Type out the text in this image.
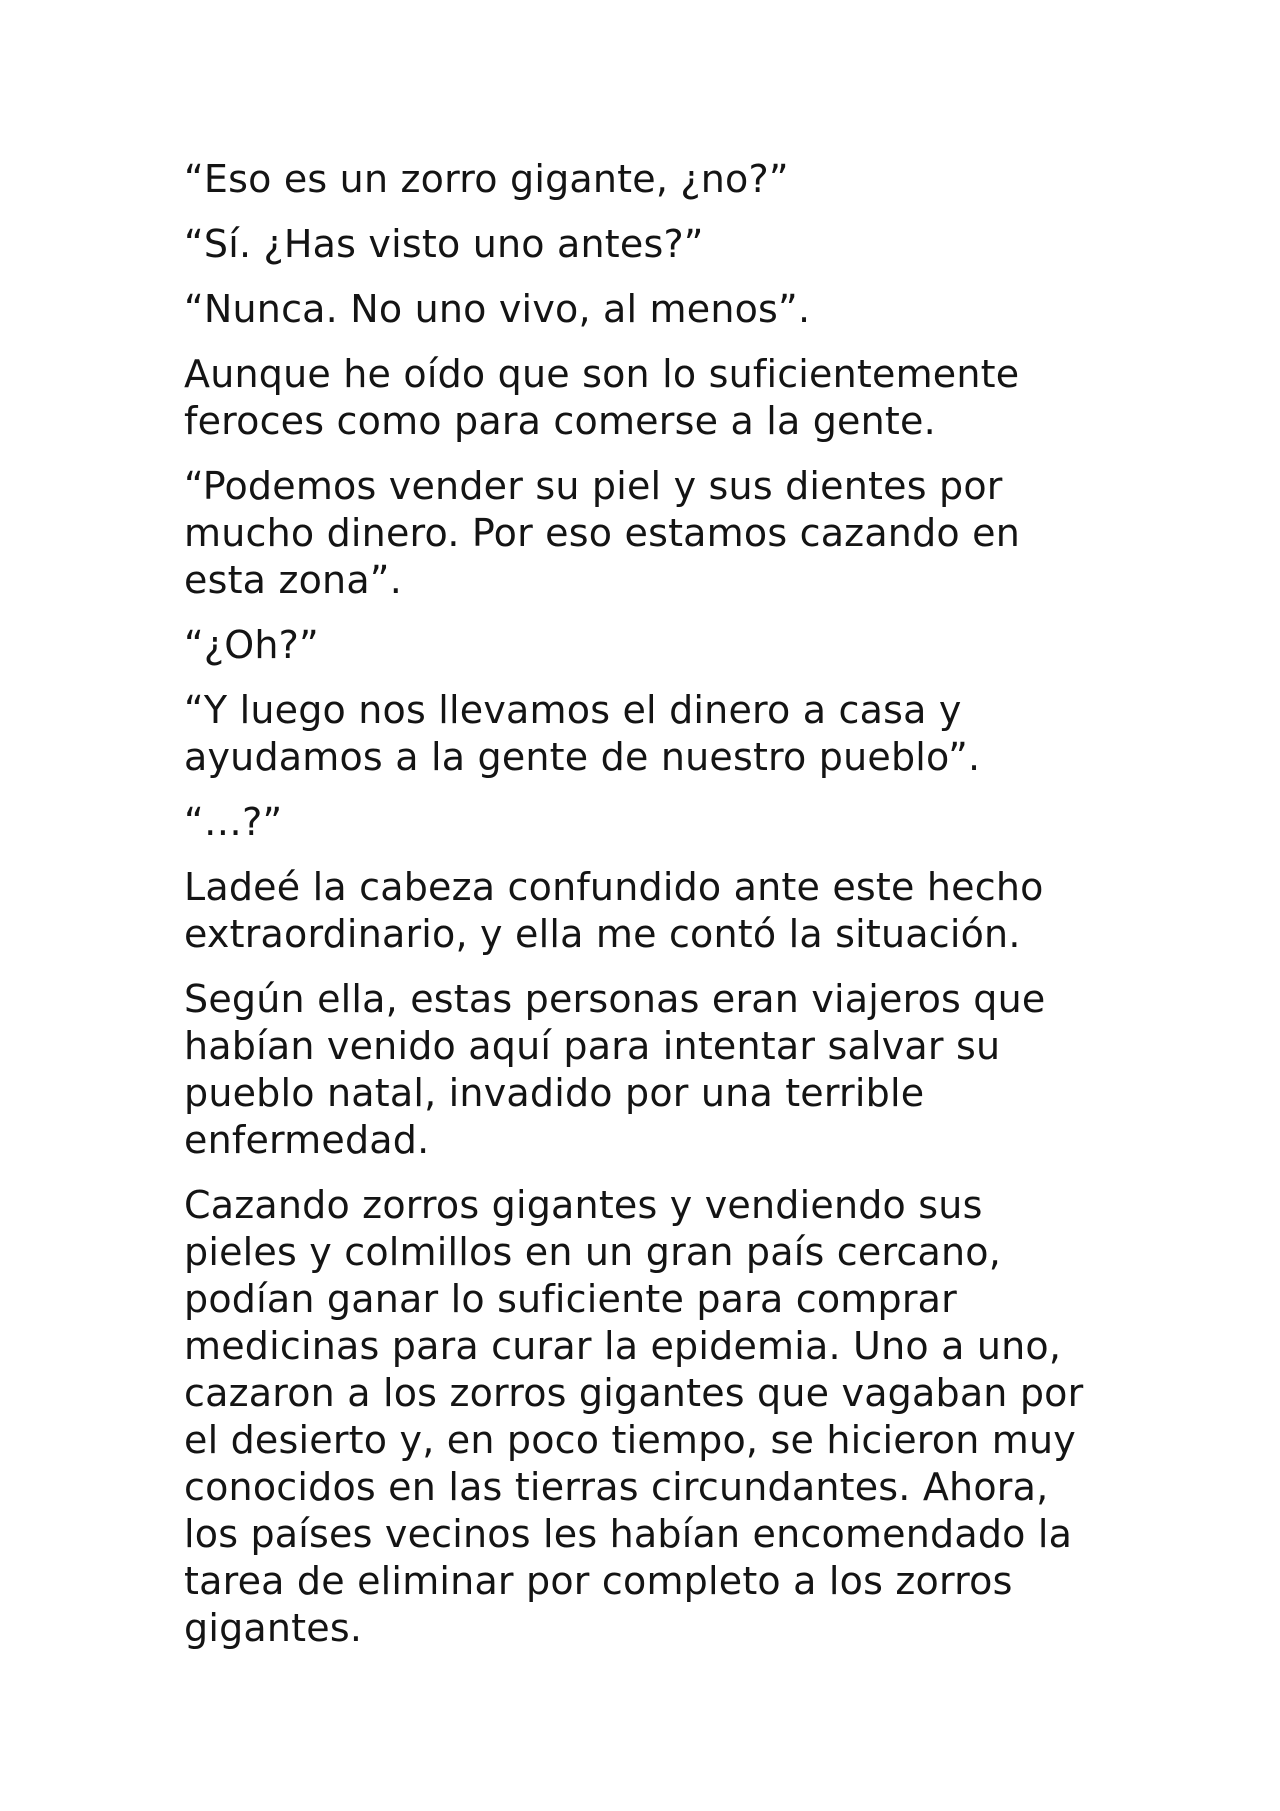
“Eso es un zorro gigante, ¿no?”

“Sí. ¿Has visto uno antes?”

“Nunca. No uno vivo, al menos”.

Aunque he oído que son lo suficientemente
feroces como para comerse a la gente.

“Podemos vender su piel y sus dientes por
mucho dinero. Por eso estamos cazando en
esta zona”.

“¿Oh?”

“Y luego nos llevamos el dinero a casa y
ayudamos a la gente de nuestro pueblo”.

“…?”

Ladeé la cabeza confundido ante este hecho
extraordinario, y ella me contó la situación.

Según ella, estas personas eran viajeros que
habían venido aquí para intentar salvar su
pueblo natal, invadido por una terrible
enfermedad.

Cazando zorros gigantes y vendiendo sus
pieles y colmillos en un gran país cercano,
podían ganar lo suficiente para comprar
medicinas para curar la epidemia. Uno a uno,
cazaron a los zorros gigantes que vagaban por
el desierto y, en poco tiempo, se hicieron muy
conocidos en las tierras circundantes. Ahora,
los países vecinos les habían encomendado la
tarea de eliminar por completo a los zorros
gigantes.
